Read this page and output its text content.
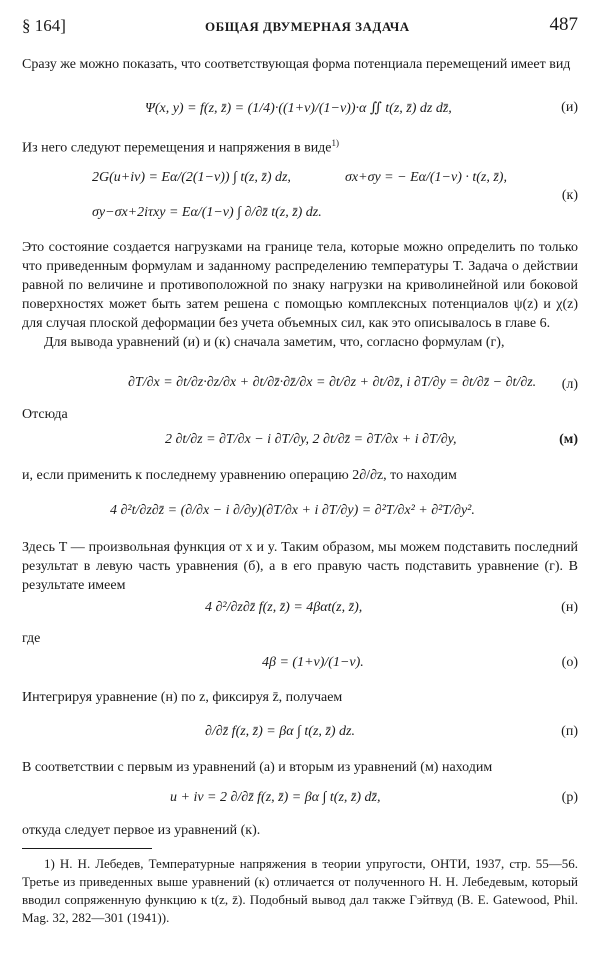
§ 164]	ОБЩАЯ ДВУМЕРНАЯ ЗАДАЧА	487
Сразу же можно показать, что соответствующая форма потенциала перемещений имеет вид
Ψ(x, y) = f(z, z̄) = (1/4)·((1+ν)/(1−ν))·α ∬ t(z, z̄) dz dz̄,	(и)
Из него следуют перемещения и напряжения в виде$^{1)}$
2G(u+iv) = Eα/(2(1−ν)) ∫ t(z, z̄) dz,	σx+σy = − Eα/(1−ν) · t(z, z̄),
σy−σx+2iτxy = Eα/(1−ν) ∫ ∂/∂z̄ t(z, z̄) dz.
(к)
Это состояние создается нагрузками на границе тела, которые можно определить по только что приведенным формулам и заданному распределению температуры T. Задача о действии равной по величине и противоположной по знаку нагрузки на криволинейной или боковой поверхностях может быть затем решена с помощью комплексных потенциалов ψ(z) и χ(z) для случая плоской деформации без учета объемных сил, как это описывалось в главе 6.
Для вывода уравнений (и) и (к) сначала заметим, что, согласно формулам (г),
∂T/∂x = ∂t/∂z·∂z/∂x + ∂t/∂z̄·∂z̄/∂x = ∂t/∂z + ∂t/∂z̄, i ∂T/∂y = ∂t/∂z̄ − ∂t/∂z. (л)
Отсюда
2 ∂t/∂z = ∂T/∂x − i ∂T/∂y, 2 ∂t/∂z̄ = ∂T/∂x + i ∂T/∂y,	(м)
и, если применить к последнему уравнению операцию 2∂/∂z, то находим
4 ∂²t/∂z∂z̄ = (∂/∂x − i ∂/∂y)(∂T/∂x + i ∂T/∂y) = ∂²T/∂x² + ∂²T/∂y².
Здесь T — произвольная функция от x и y. Таким образом, мы можем подставить последний результат в левую часть уравнения (б), а в его правую часть подставить уравнение (г). В результате имеем
4 ∂²/∂z∂z̄ f(z, z̄) = 4βαt(z, z̄),	(н)
где
4β = (1+ν)/(1−ν).	(о)
Интегрируя уравнение (н) по z, фиксируя z̄, получаем
∂/∂z̄ f(z, z̄) = βα ∫ t(z, z̄) dz.	(п)
В соответствии с первым из уравнений (а) и вторым из уравнений (м) находим
u + iv = 2 ∂/∂z̄ f(z, z̄) = βα ∫ t(z, z̄) dz̄,	(р)
откуда следует первое из уравнений (к).
1) Н. Н. Лебедев, Температурные напряжения в теории упругости, ОНТИ, 1937, стр. 55—56. Третье из приведенных выше уравнений (к) отличается от полученного Н. Н. Лебедевым, который вводил сопряженную функцию к t(z, z̄). Подобный вывод дал также Гэйтвуд (B. E. Gatewood, Phil. Mag. 32, 282—301 (1941)).
